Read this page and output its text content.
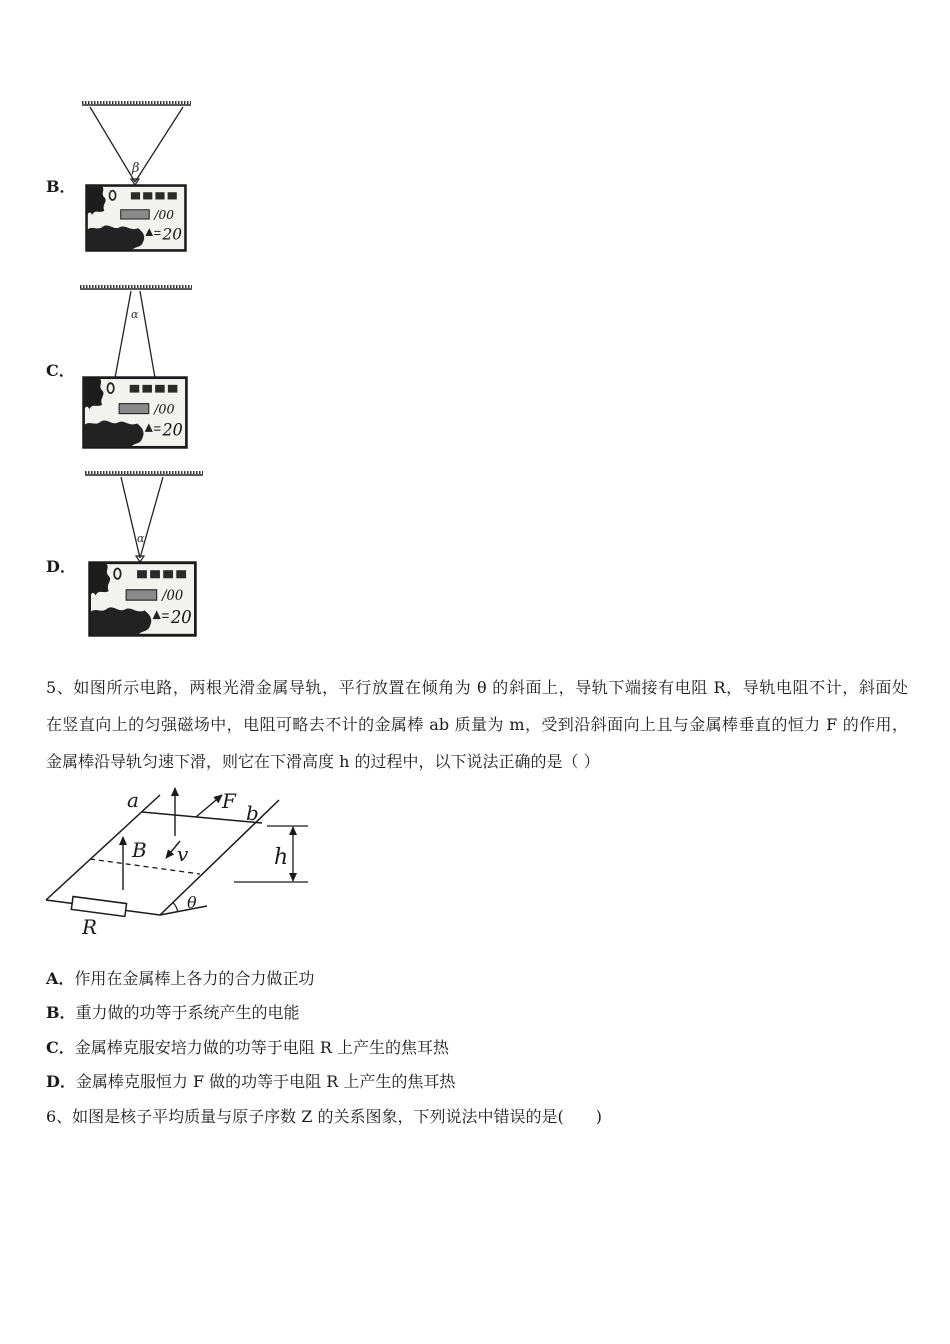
B．
β
/00
20
C．
α
/00
20
D．
α
/00
20
5、如图所示电路，两根光滑金属导轨，平行放置在倾角为 θ 的斜面上，导轨下端接有电阻 R，导轨电阻不计，斜面处
在竖直向上的匀强磁场中，电阻可略去不计的金属棒 ab 质量为 m，受到沿斜面向上且与金属棒垂直的恒力 F 的作用，
金属棒沿导轨匀速下滑，则它在下滑高度 h 的过程中，以下说法正确的是（ ）
a
b
F
B v	h
R
θ
A．作用在金属棒上各力的合力做正功
B．重力做的功等于系统产生的电能
C．金属棒克服安培力做的功等于电阻 R 上产生的焦耳热
D．金属棒克服恒力 F 做的功等于电阻 R 上产生的焦耳热
6、如图是核子平均质量与原子序数 Z 的关系图象，下列说法中错误的是(　　)
